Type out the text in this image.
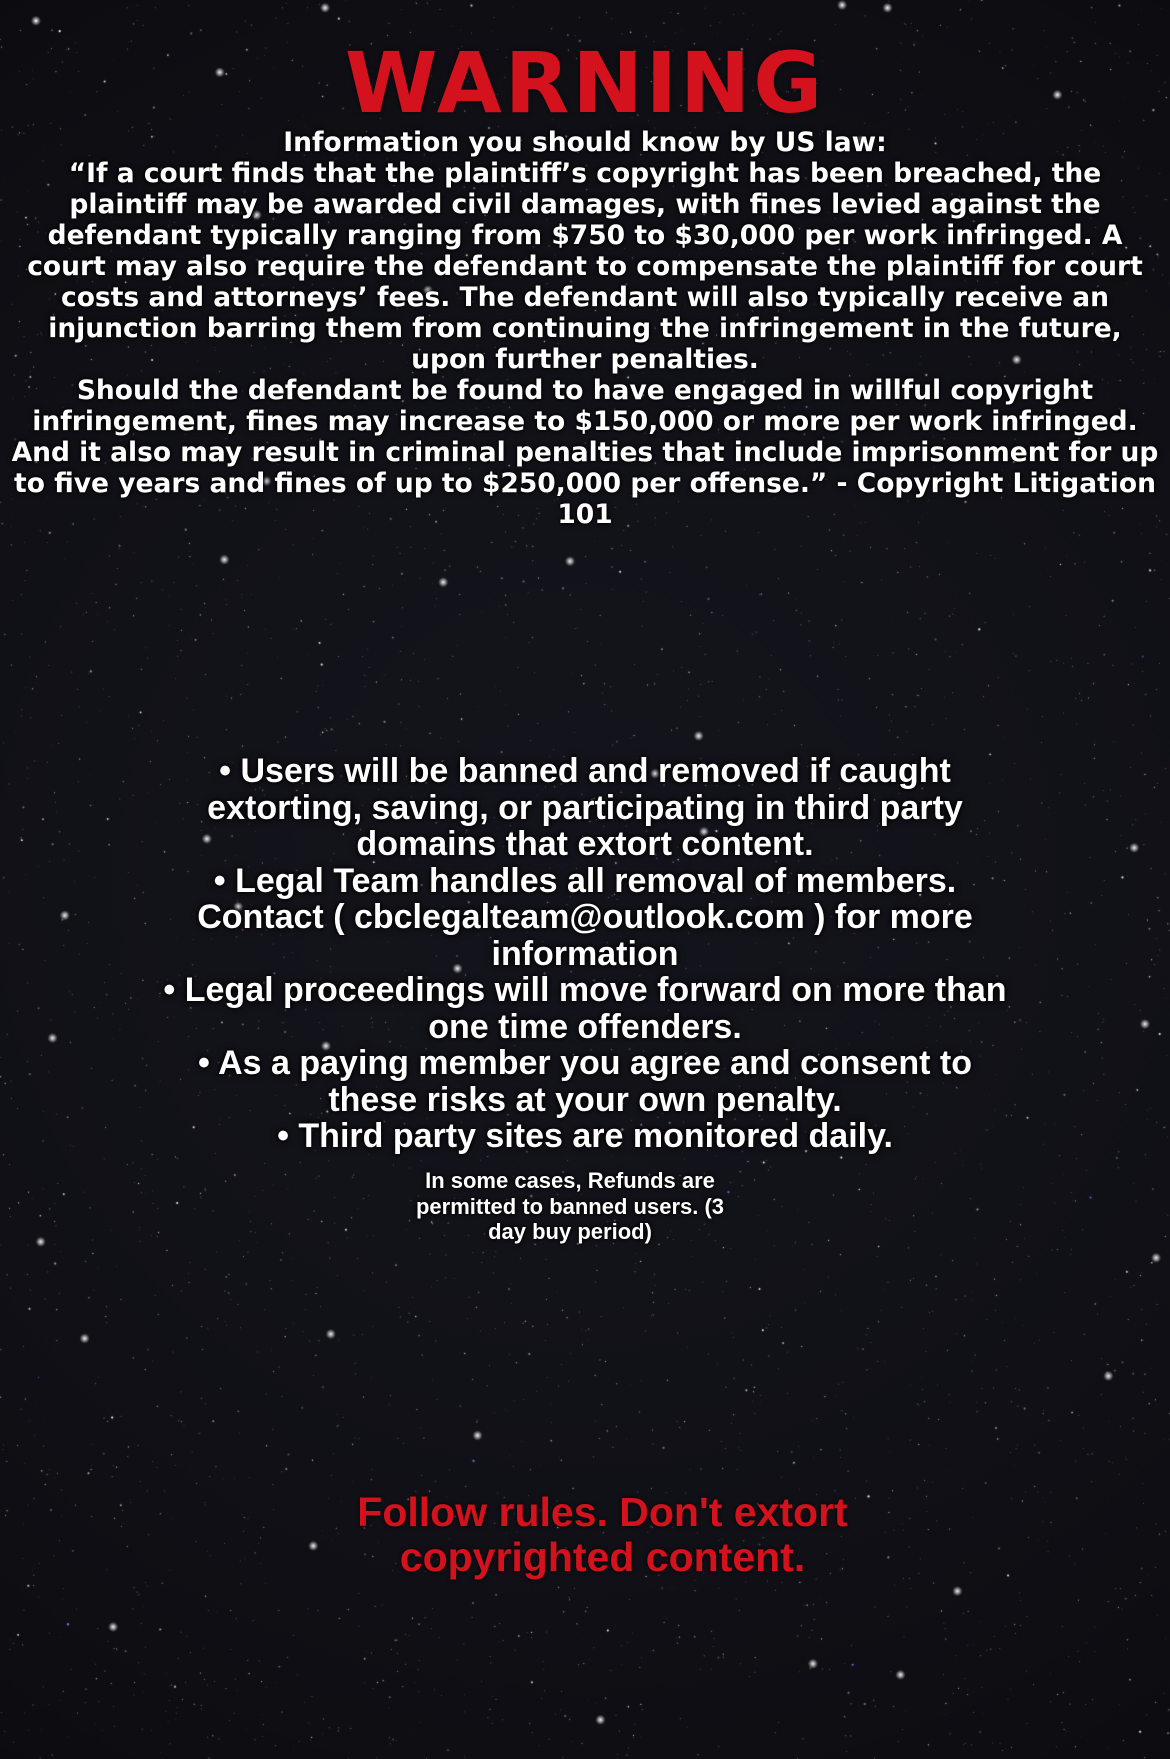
WARNING

Information you should know by US law:

“If a court finds that the plaintiff’s copyright has been breached, the plaintiff may be awarded civil damages, with fines levied against the defendant typically ranging from $750 to $30,000 per work infringed. A court may also require the defendant to compensate the plaintiff for court costs and attorneys’ fees. The defendant will also typically receive an injunction barring them from continuing the infringement in the future, upon further penalties.

Should the defendant be found to have engaged in willful copyright infringement, fines may increase to $150,000 or more per work infringed. And it also may result in criminal penalties that include imprisonment for up to five years and fines of up to $250,000 per offense.” - Copyright Litigation 101

• Users will be banned and removed if caught extorting, saving, or participating in third party domains that extort content.

• Legal Team handles all removal of members. Contact ( cbclegalteam@outlook.com ) for more information

• Legal proceedings will move forward on more than one time offenders.

• As a paying member you agree and consent to these risks at your own penalty.

• Third party sites are monitored daily.

In some cases, Refunds are permitted to banned users. (3 day buy period)

Follow rules. Don't extort copyrighted content.
